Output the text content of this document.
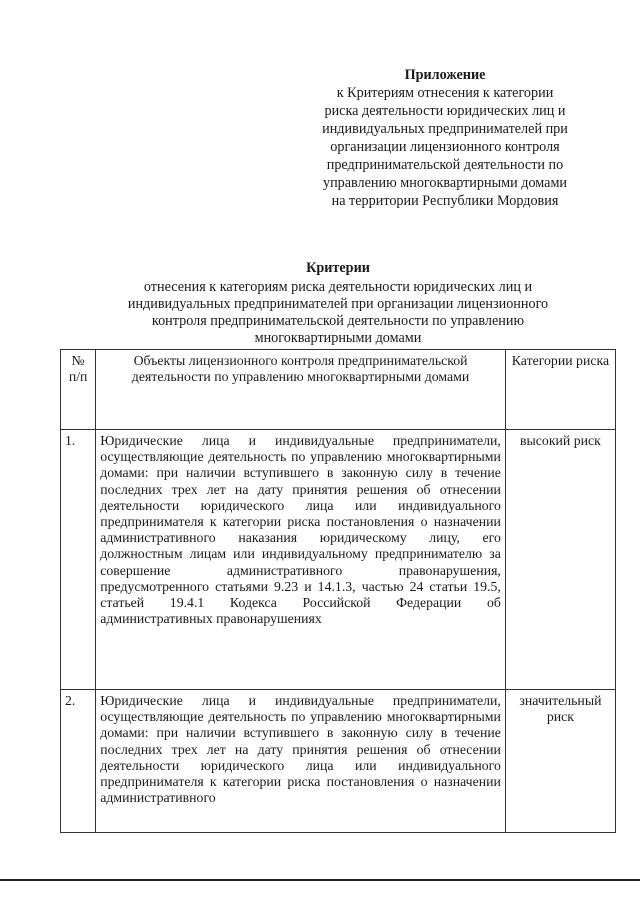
Приложение
к Критериям отнесения к категории
риска деятельности юридических лиц и
индивидуальных предпринимателей при
организации лицензионного контроля
предпринимательской деятельности по
управлению многоквартирными домами
на территории Республики Мордовия
Критерии
отнесения к категориям риска деятельности юридических лиц и
индивидуальных предпринимателей при организации лицензионного
контроля предпринимательской деятельности по управлению
многоквартирными домами
№ п/п	Объекты лицензионного контроля предпринимательской деятельности по управлению многоквартирными домами	Категории риска
1.	Юридические лица и индивидуальные предприниматели, осуществляющие деятельность по управлению многоквартирными домами: при наличии вступившего в законную силу в течение последних трех лет на дату принятия решения об отнесении деятельности юридического лица или индивидуального предпринимателя к категории риска постановления о назначении административного наказания юридическому лицу, его должностным лицам или индивидуальному предпринимателю за совершение административного правонарушения, предусмотренного статьями 9.23 и 14.1.3, частью 24 статьи 19.5, статьей 19.4.1 Кодекса Российской Федерации об административных правонарушениях	высокий риск
2.	Юридические лица и индивидуальные предприниматели, осуществляющие деятельность по управлению многоквартирными домами: при наличии вступившего в законную силу в течение последних трех лет на дату принятия решения об отнесении деятельности юридического лица или индивидуального предпринимателя к категории риска постановления о назначении административного	значительный риск
